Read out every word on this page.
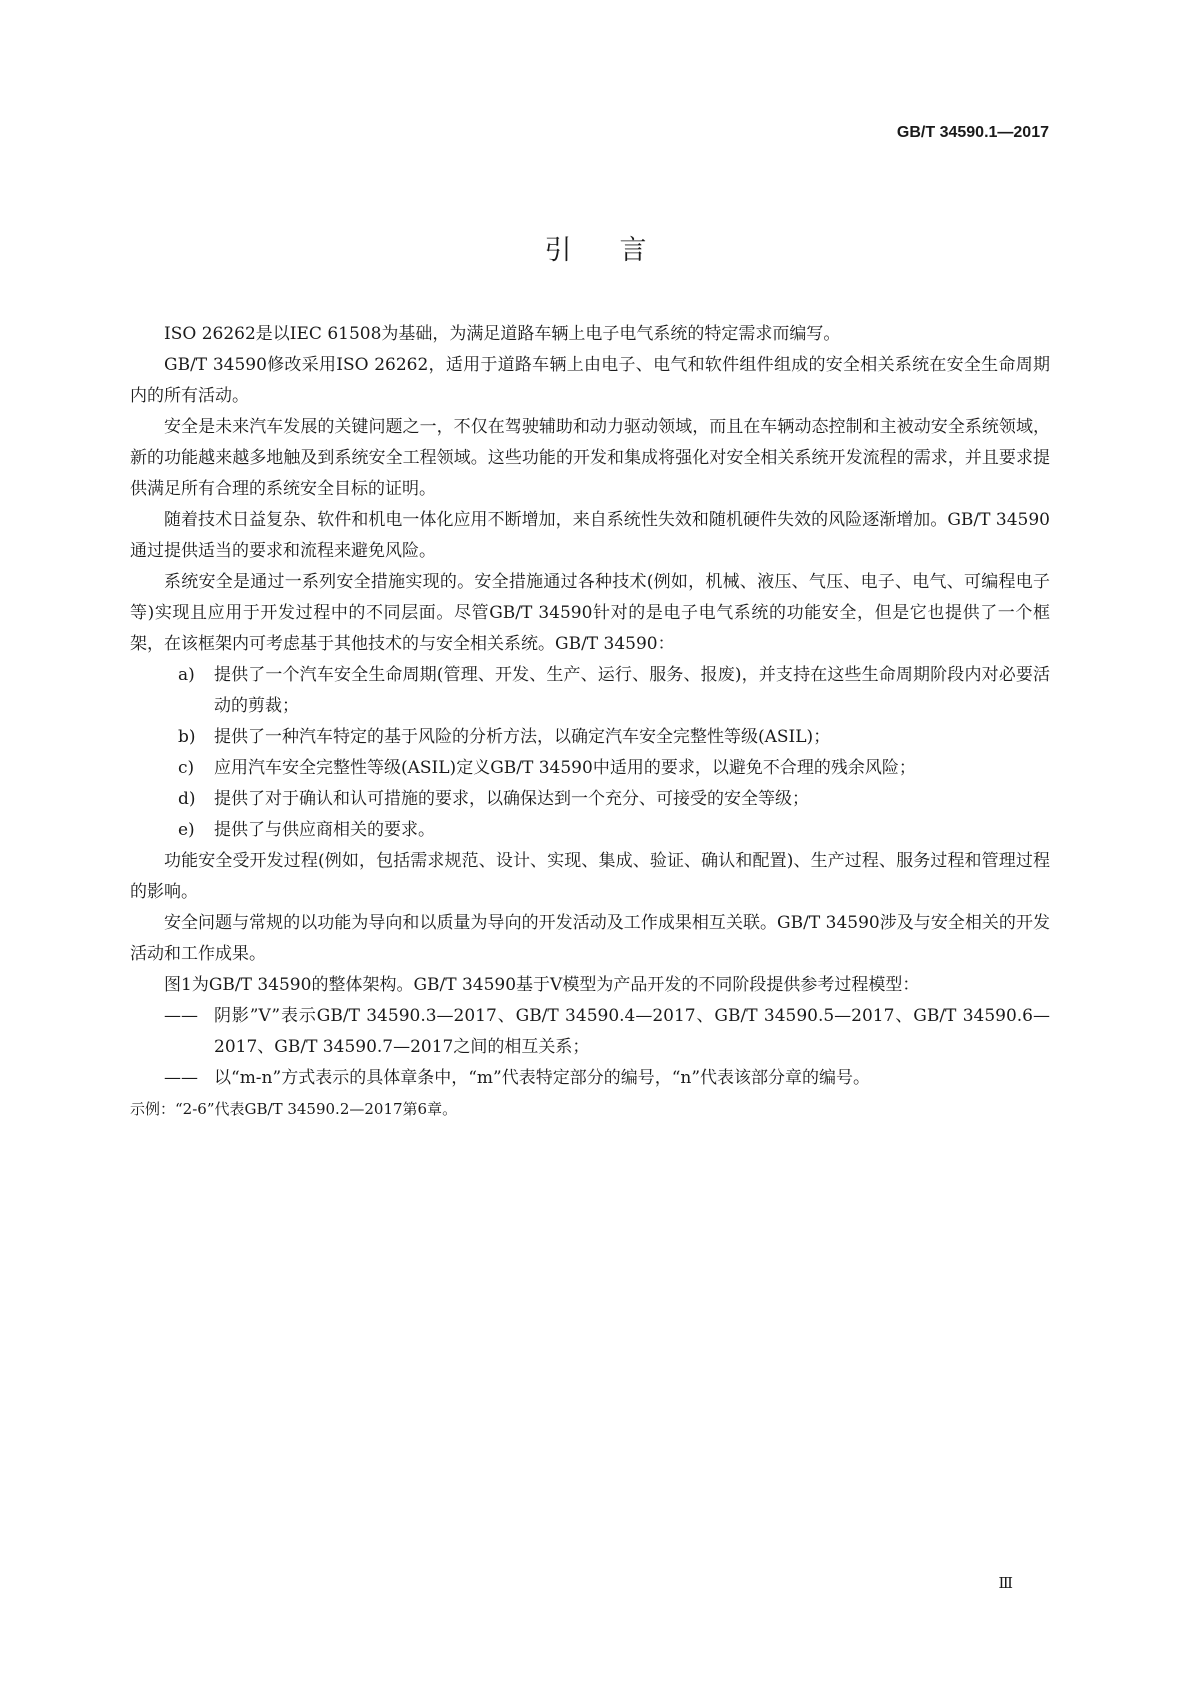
GB/T 34590.1—2017
引言

ISO 26262是以IEC 61508为基础，为满足道路车辆上电子电气系统的特定需求而编写。

GB/T 34590修改采用ISO 26262，适用于道路车辆上由电子、电气和软件组件组成的安全相关系统在安全生命周期内的所有活动。

安全是未来汽车发展的关键问题之一，不仅在驾驶辅助和动力驱动领域，而且在车辆动态控制和主被动安全系统领域，新的功能越来越多地触及到系统安全工程领域。这些功能的开发和集成将强化对安全相关系统开发流程的需求，并且要求提供满足所有合理的系统安全目标的证明。

随着技术日益复杂、软件和机电一体化应用不断增加，来自系统性失效和随机硬件失效的风险逐渐增加。GB/T 34590通过提供适当的要求和流程来避免风险。

系统安全是通过一系列安全措施实现的。安全措施通过各种技术(例如，机械、液压、气压、电子、电气、可编程电子等)实现且应用于开发过程中的不同层面。尽管GB/T 34590针对的是电子电气系统的功能安全，但是它也提供了一个框架，在该框架内可考虑基于其他技术的与安全相关系统。GB/T 34590：

a) 提供了一个汽车安全生命周期(管理、开发、生产、运行、服务、报废)，并支持在这些生命周期阶段内对必要活动的剪裁；
b) 提供了一种汽车特定的基于风险的分析方法，以确定汽车安全完整性等级(ASIL)；
c) 应用汽车安全完整性等级(ASIL)定义GB/T 34590中适用的要求，以避免不合理的残余风险；
d) 提供了对于确认和认可措施的要求，以确保达到一个充分、可接受的安全等级；
e) 提供了与供应商相关的要求。

功能安全受开发过程(例如，包括需求规范、设计、实现、集成、验证、确认和配置)、生产过程、服务过程和管理过程的影响。

安全问题与常规的以功能为导向和以质量为导向的开发活动及工作成果相互关联。GB/T 34590涉及与安全相关的开发活动和工作成果。

图1为GB/T 34590的整体架构。GB/T 34590基于V模型为产品开发的不同阶段提供参考过程模型：

—— 阴影”V”表示GB/T 34590.3—2017、GB/T 34590.4—2017、GB/T 34590.5—2017、GB/T 34590.6—2017、GB/T 34590.7—2017之间的相互关系；
—— 以“m-n”方式表示的具体章条中，“m”代表特定部分的编号，“n”代表该部分章的编号。
示例：“2-6”代表GB/T 34590.2—2017第6章。
Ⅲ
